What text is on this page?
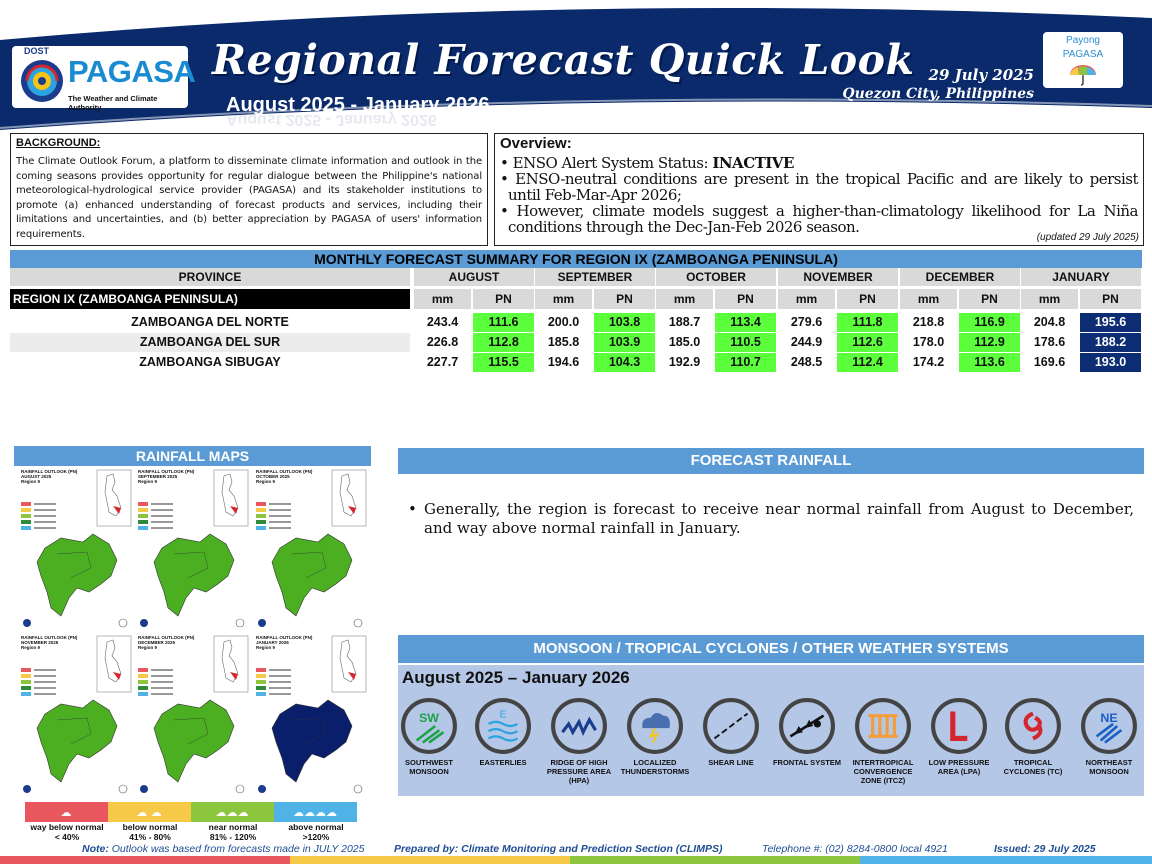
DOST
PAGASA
The Weather and Climate Authority
Regional Forecast Quick Look
August 2025 - January 2026
August 2025 - January 2026
29 July 2025
Quezon City, Philippines
Payong
PAGASA
BACKGROUND:
The Climate Outlook Forum, a platform to disseminate climate information and outlook in the coming seasons provides opportunity for regular dialogue between the Philippine's national meteorological-hydrological service provider (PAGASA) and its stakeholder institutions to promote (a) enhanced understanding of forecast products and services, including their limitations and uncertainties, and (b) better appreciation by PAGASA of users' information requirements.
Overview:
• ENSO Alert System Status: INACTIVE
• ENSO-neutral conditions are present in the tropical Pacific and are likely to persist until Feb-Mar-Apr 2026;
• However, climate models suggest a higher-than-climatology likelihood for La Niña conditions through the Dec-Jan-Feb 2026 season.
(updated 29 July 2025)
MONTHLY FORECAST SUMMARY FOR REGION IX (ZAMBOANGA PENINSULA)
PROVINCE	AUGUST	SEPTEMBER	OCTOBER	NOVEMBER	DECEMBER	JANUARY
REGION IX (ZAMBOANGA PENINSULA)	mm	PN	mm	PN	mm	PN	mm	PN	mm	PN	mm	PN
ZAMBOANGA DEL NORTE	243.4	111.6	200.0	103.8	188.7	113.4	279.6	111.8	218.8	116.9	204.8	195.6
ZAMBOANGA DEL SUR	226.8	112.8	185.8	103.9	185.0	110.5	244.9	112.6	178.0	112.9	178.6	188.2
ZAMBOANGA SIBUGAY	227.7	115.5	194.6	104.3	192.9	110.7	248.5	112.4	174.2	113.6	169.6	193.0
RAINFALL MAPS
RAINFALL OUTLOOK (PN)
AUGUST 2025
Region 9
RAINFALL OUTLOOK (PN)
SEPTEMBER 2025
Region 9
RAINFALL OUTLOOK (PN)
OCTOBER 2025
Region 9
RAINFALL OUTLOOK (PN)
NOVEMBER 2025
Region 9
RAINFALL OUTLOOK (PN)
DECEMBER 2025
Region 9
RAINFALL OUTLOOK (PN)
JANUARY 2026
Region 9
☁	☁ ☁	☁☁☁	☁☁☁☁
way below normal
< 40%
below normal
41% - 80%
near normal
81% - 120%
above normal
>120%
FORECAST RAINFALL
• Generally, the region is forecast to receive near normal rainfall from August to December, and way above normal rainfall in January.
MONSOON / TROPICAL CYCLONES / OTHER WEATHER SYSTEMS
August 2025 – January 2026
SW
SOUTHWEST MONSOON
E
EASTERLIES	RIDGE OF HIGH PRESSURE AREA (HPA)
LOCALIZED THUNDERSTORMS
SHEAR LINE	FRONTAL SYSTEM	INTERTROPICAL CONVERGENCE ZONE (ITCZ)
LOW PRESSURE AREA (LPA)
TROPICAL CYCLONES (TC)
NE
NORTHEAST MONSOON
Note: Outlook was based from forecasts made in JULY 2025	Prepared by: Climate Monitoring and Prediction Section (CLIMPS)	Telephone #: (02) 8284-0800 local 4921	Issued: 29 July 2025
